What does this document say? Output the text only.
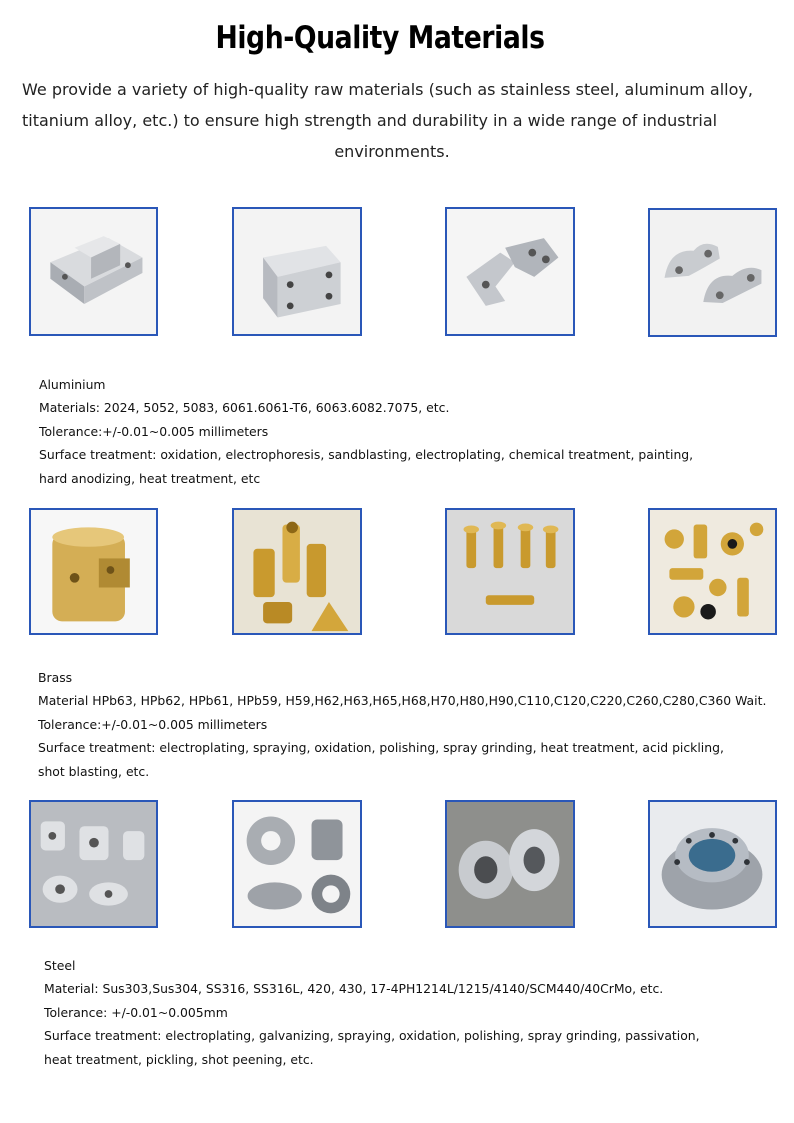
High-Quality Materials

We provide a variety of high-quality raw materials (such as stainless steel, aluminum alloy,

titanium alloy, etc.) to ensure high strength and durability in a wide range of industrial

environments.

Aluminium
Materials: 2024, 5052, 5083, 6061.6061-T6, 6063.6082.7075, etc.
Tolerance:+/-0.01~0.005 millimeters
Surface treatment: oxidation, electrophoresis, sandblasting, electroplating, chemical treatment, painting,
hard anodizing, heat treatment, etc
Brass
Material HPb63, HPb62, HPb61, HPb59, H59,H62,H63,H65,H68,H70,H80,H90,C110,C120,C220,C260,C280,C360 Wait.
Tolerance:+/-0.01~0.005 millimeters
Surface treatment: electroplating, spraying, oxidation, polishing, spray grinding, heat treatment, acid pickling,
shot blasting, etc.
Steel
Material: Sus303,Sus304, SS316, SS316L, 420, 430, 17-4PH1214L/1215/4140/SCM440/40CrMo, etc.
Tolerance: +/-0.01~0.005mm
Surface treatment: electroplating, galvanizing, spraying, oxidation, polishing, spray grinding, passivation,
heat treatment, pickling, shot peening, etc.
